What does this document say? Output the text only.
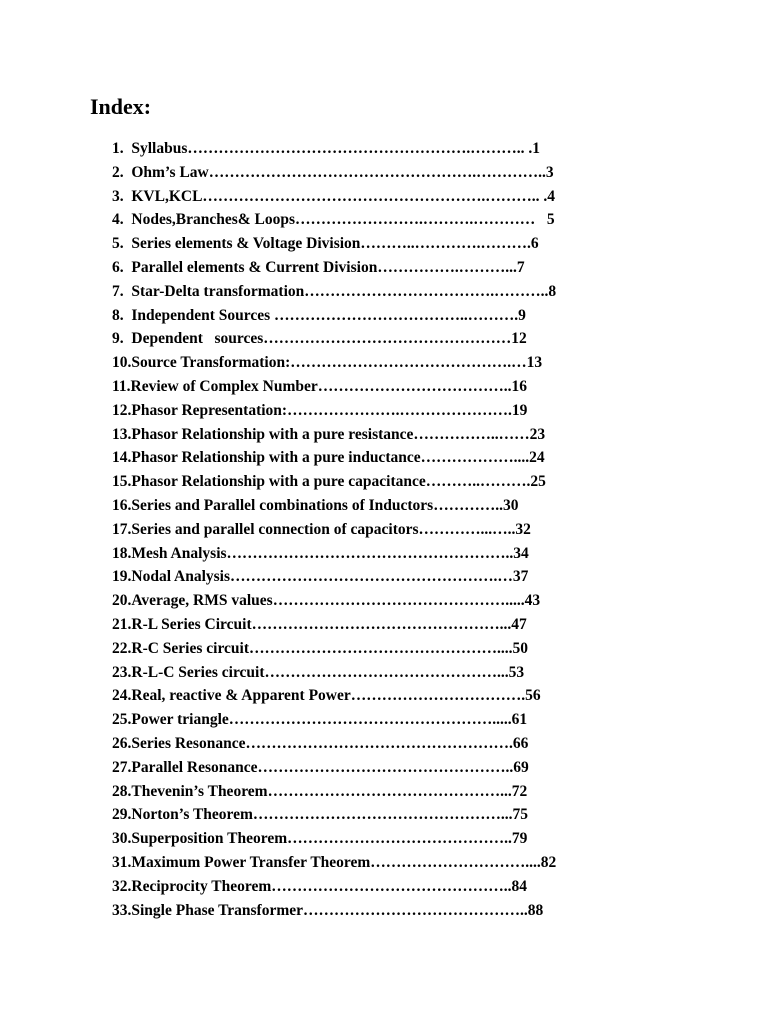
Index:
1.  Syllabus……………………………………………….……….. .1
2.  Ohm’s Law…………………………………………….…………..3
3.  KVL,KCL……………………………………………….……….. .4
4.  Nodes,Branches& Loops…………………….……….…………   5
5.  Series elements & Voltage Division………..………….……….6
6.  Parallel elements & Current Division…………….………...7
7.  Star-Delta transformation……………………………….………..8
8.  Independent Sources ………………………………..……….9
9.  Dependent   sources…………………………………………12
10.Source Transformation:…………………………………….…13
11.Review of Complex Number………………………………..16
12.Phasor Representation:………………….………………….19
13.Phasor Relationship with a pure resistance……………..……23
14.Phasor Relationship with a pure inductance………………....24
15.Phasor Relationship with a pure capacitance………..……….25
16.Series and Parallel combinations of Inductors…………..30
17.Series and parallel connection of capacitors…………...…..32
18.Mesh Analysis………………………………………………..34
19.Nodal Analysis…………………………………………….…37
20.Average, RMS values……………………………………….....43
21.R-L Series Circuit…………………………………………...47
22.R-C Series circuit…………………………………………....50
23.R-L-C Series circuit………………………………………...53
24.Real, reactive & Apparent Power…………………………….56
25.Power triangle…………………………………………….....61
26.Series Resonance…………………………………………….66
27.Parallel Resonance…………………………………………..69
28.Thevenin’s Theorem………………………………………...72
29.Norton’s Theorem…………………………………………...75
30.Superposition Theorem……………………………………..79
31.Maximum Power Transfer Theorem…………………………....82
32.Reciprocity Theorem………………………………………..84
33.Single Phase Transformer……………………………………..88
